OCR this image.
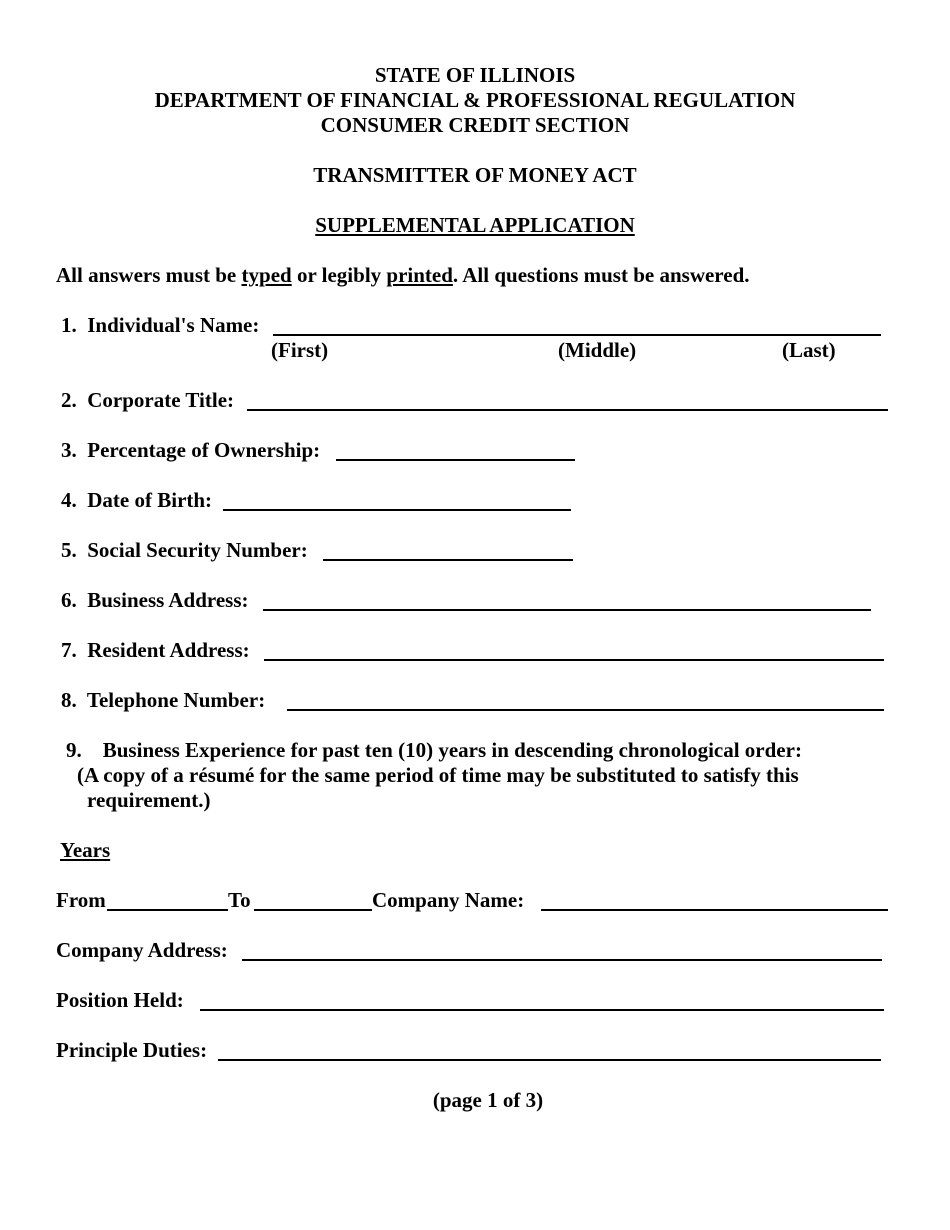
STATE OF ILLINOIS
DEPARTMENT OF FINANCIAL & PROFESSIONAL REGULATION
CONSUMER CREDIT SECTION
TRANSMITTER OF MONEY ACT
SUPPLEMENTAL APPLICATION
All answers must be typed or legibly printed. All questions must be answered.
1. Individual's Name:
(First)	(Middle)	(Last)
2. Corporate Title:
3. Percentage of Ownership:
4. Date of Birth:
5. Social Security Number:
6. Business Address:
7. Resident Address:
8. Telephone Number:
9. Business Experience for past ten (10) years in descending chronological order:
(A copy of a résumé for the same period of time may be substituted to satisfy this
requirement.)
Years
From	To	Company Name:
Company Address:
Position Held:
Principle Duties:
(page 1 of 3)
